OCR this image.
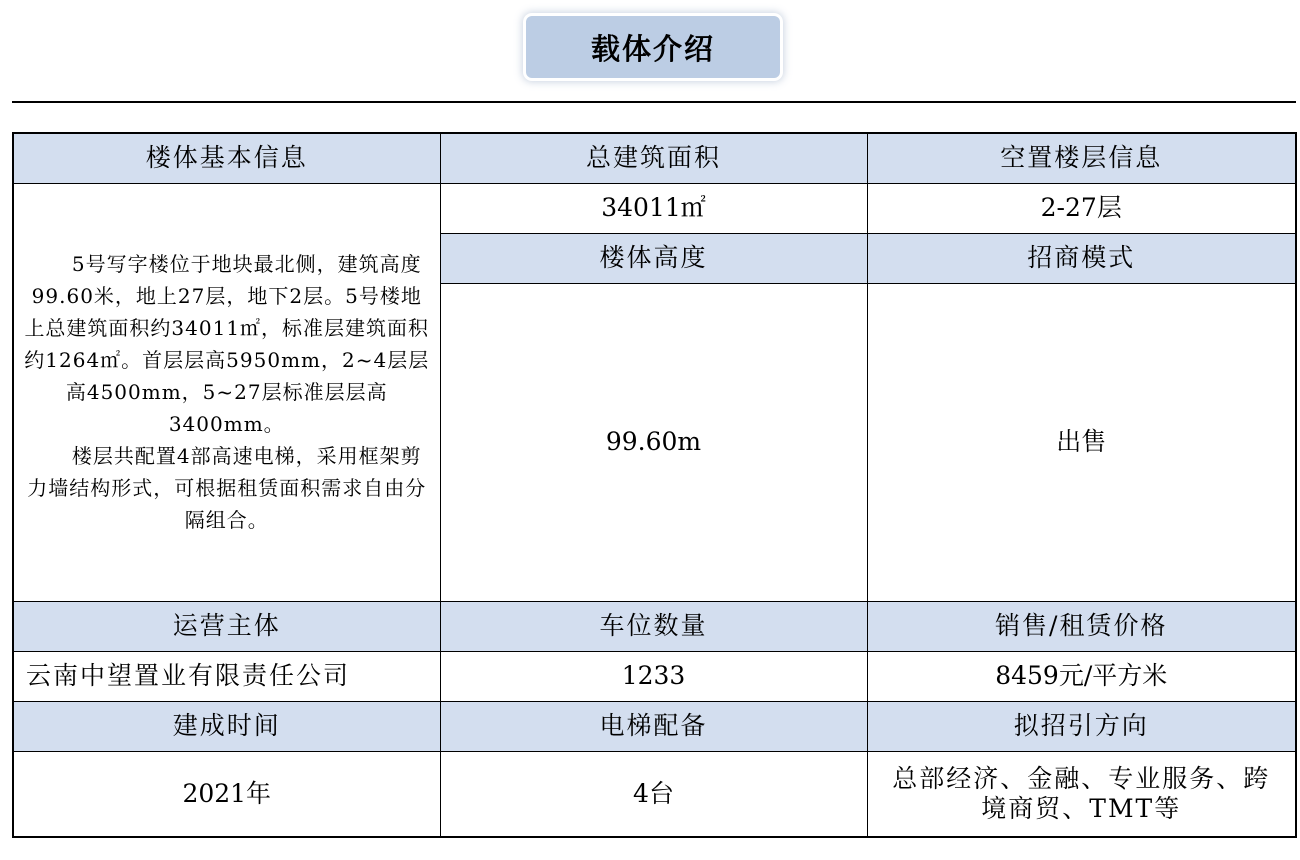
载体介绍
楼体基本信息	总建筑面积	空置楼层信息

5号写字楼位于地块最北侧，建筑高度99.60米，地上27层，地下2层。5号楼地上总建筑面积约34011㎡，标准层建筑面积约1264㎡。首层层高5950mm，2~4层层高4500mm，5~27层标准层层高3400mm。

楼层共配置4部高速电梯，采用框架剪力墙结构形式，可根据租赁面积需求自由分隔组合。	34011㎡	2-27层
	楼体高度	招商模式
	99.60m	出售
运营主体	车位数量	销售/租赁价格
云南中望置业有限责任公司	1233	8459元/平方米
建成时间	电梯配备	拟招引方向
2021年	4台	总部经济、金融、专业服务、跨境商贸、TMT等
